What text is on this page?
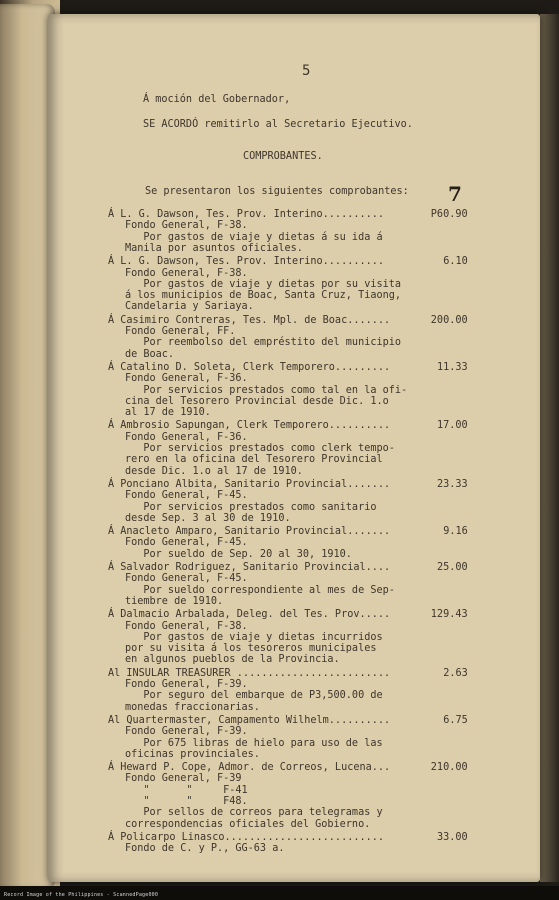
5
Á moción del Gobernador,
SE ACORDÓ remitirlo al Secretario Ejecutivo.
COMPROBANTES.
Se presentaron los siguientes comprobantes: 7
Á L. G. Dawson, Tes. Prov. Interino..........	P60.90
Fondo General, F-38.
Por gastos de viaje y dietas á su ida á
Manila por asuntos oficiales.
Á L. G. Dawson, Tes. Prov. Interino..........	6.10
Fondo General, F-38.
Por gastos de viaje y dietas por su visita
á los municipios de Boac, Santa Cruz, Tiaong,
Candelaria y Sariaya.
Á Casimiro Contreras, Tes. Mpl. de Boac.......	200.00
Fondo General, FF.
Por reembolso del empréstito del municipio
de Boac.
Á Catalino D. Soleta, Clerk Temporero.........	11.33
Fondo General, F-36.
Por servicios prestados como tal en la ofi-
cina del Tesorero Provincial desde Dic. 1.o
al 17 de 1910.
Á Ambrosio Sapungan, Clerk Temporero..........	17.00
Fondo General, F-36.
Por servicios prestados como clerk tempo-
rero en la oficina del Tesorero Provincial
desde Dic. 1.o al 17 de 1910.
Á Ponciano Albita, Sanitario Provincial.......	23.33
Fondo General, F-45.
Por servicios prestados como sanitario
desde Sep. 3 al 30 de 1910.
Á Anacleto Amparo, Sanitario Provincial.......	9.16
Fondo General, F-45.
Por sueldo de Sep. 20 al 30, 1910.
Á Salvador Rodriguez, Sanitario Provincial....	25.00
Fondo General, F-45.
Por sueldo correspondiente al mes de Sep-
tiembre de 1910.
Á Dalmacio Arbalada, Deleg. del Tes. Prov.....	129.43
Fondo General, F-38.
Por gastos de viaje y dietas incurridos
por su visita á los tesoreros municipales
en algunos pueblos de la Provincia.
Al INSULAR TREASURER .........................	2.63
Fondo General, F-39.
Por seguro del embarque de P3,500.00 de
monedas fraccionarias.
Al Quartermaster, Campamento Wilhelm..........	6.75
Fondo General, F-39.
Por 675 libras de hielo para uso de las
oficinas provinciales.
Á Heward P. Cope, Admor. de Correos, Lucena...	210.00
Fondo General, F-39
"      "     F-41
"      "     F48.
Por sellos de correos para telegramas y
correspondencias oficiales del Gobierno.
Á Policarpo Linasco..........................	33.00
Fondo de C. y P., GG-63 a.
Record Image of the Philippines - ScannedPage000
